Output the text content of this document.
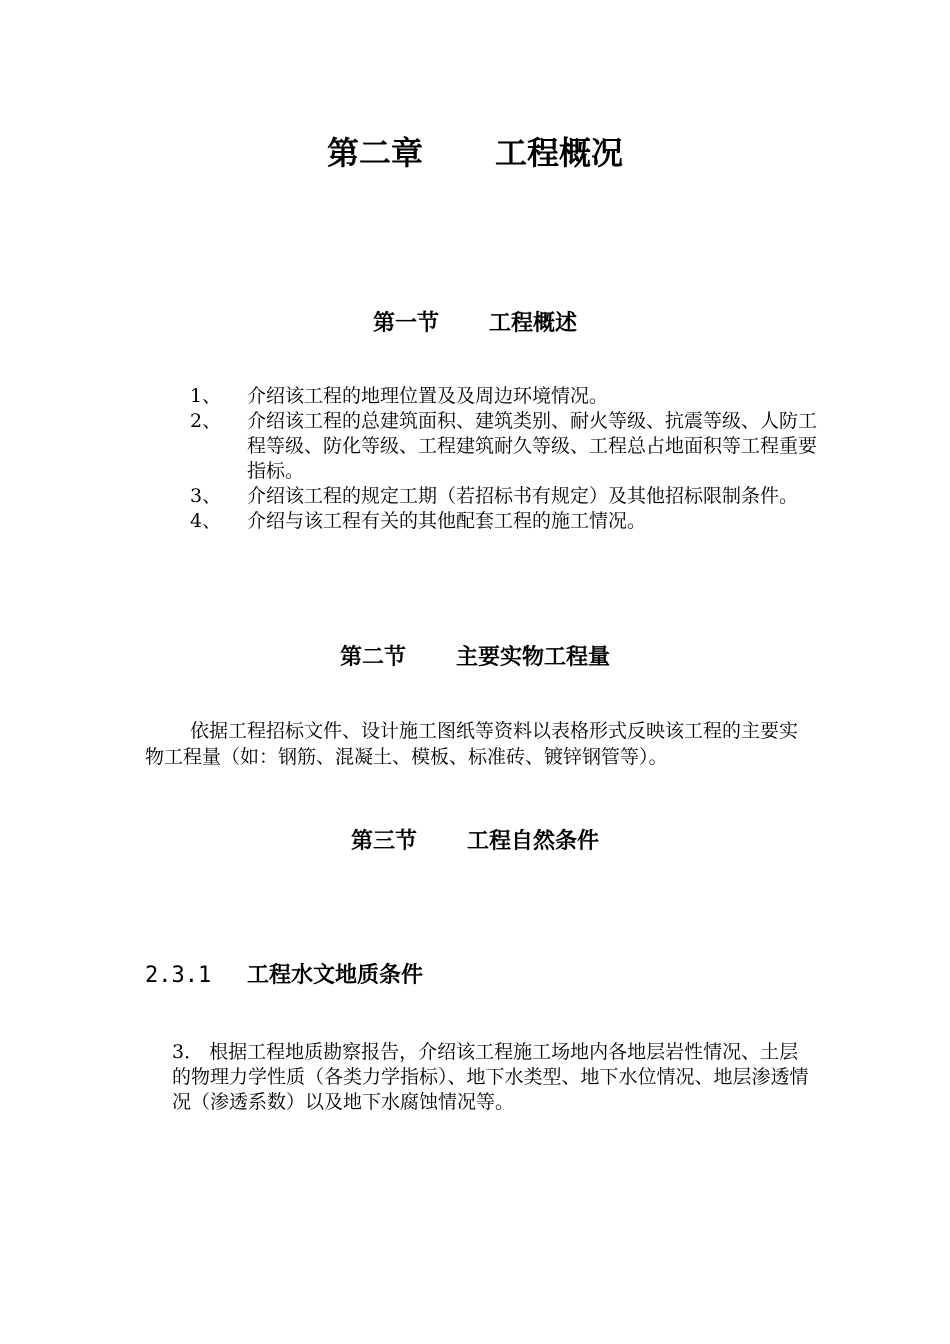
第二章 工程概况
第一节 工程概述
1、	介绍该工程的地理位置及及周边环境情况。
2、	介绍该工程的总建筑面积、建筑类别、耐火等级、抗震等级、人防工程等级、防化等级、工程建筑耐久等级、工程总占地面积等工程重要指标。
3、	介绍该工程的规定工期（若招标书有规定）及其他招标限制条件。
4、	介绍与该工程有关的其他配套工程的施工情况。
第二节 主要实物工程量

依据工程招标文件、设计施工图纸等资料以表格形式反映该工程的主要实物工程量（如：钢筋、混凝土、模板、标准砖、镀锌钢管等）。

第三节 工程自然条件
2.3.1 工程水文地质条件

3． 根据工程地质勘察报告，介绍该工程施工场地内各地层岩性情况、土层的物理力学性质（各类力学指标）、地下水类型、地下水位情况、地层渗透情况（渗透系数）以及地下水腐蚀情况等。
